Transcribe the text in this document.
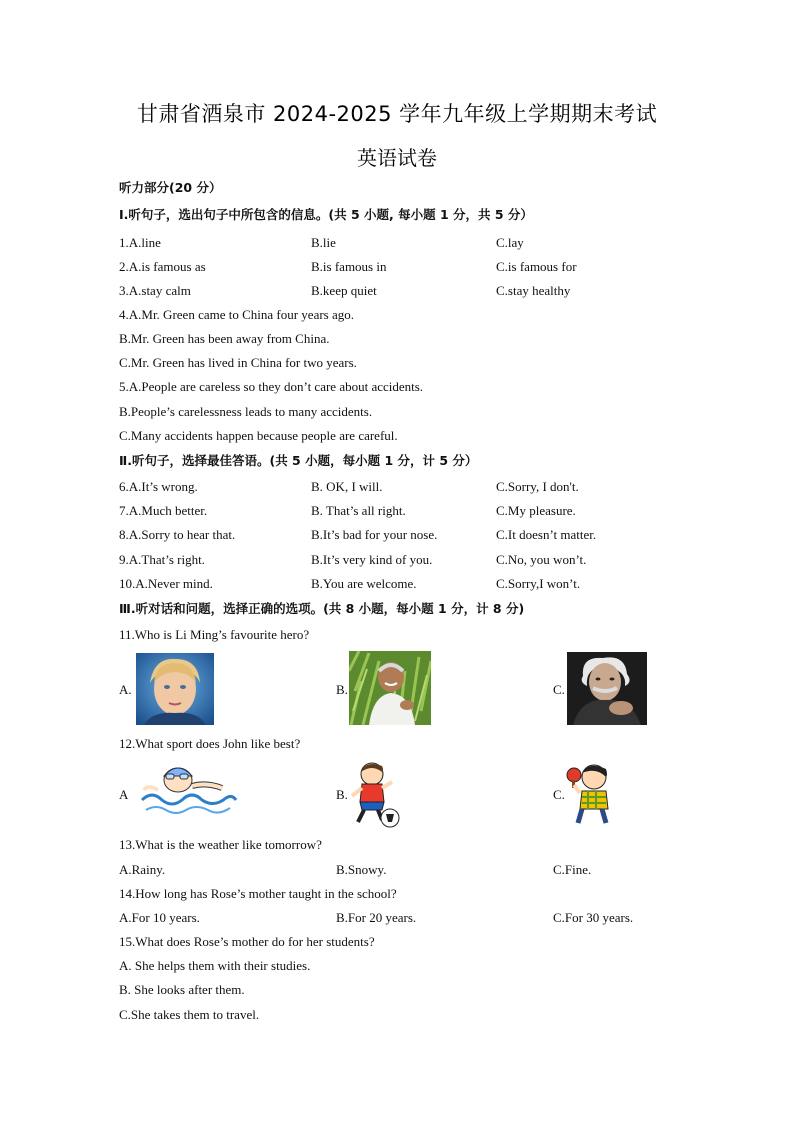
甘肃省酒泉市 2024-2025 学年九年级上学期期末考试
英语试卷
听力部分(20 分）
I.听句子，选出句子中所包含的信息。(共 5 小题, 每小题 1 分，共 5 分）
1.A.line	B.lie	C.lay
2.A.is famous as	B.is famous in	C.is famous for
3.A.stay calm	B.keep quiet	C.stay healthy
4.A.Mr. Green came to China four years ago.
B.Mr. Green has been away from China.
C.Mr. Green has lived in China for two years.
5.A.People are careless so they don’t care about accidents.
B.People’s carelessness leads to many accidents.
C.Many accidents happen because people are careful.
Ⅱ.听句子，选择最佳答语。(共 5 小题，每小题 1 分，计 5 分）
6.A.It’s wrong.	B. OK, I will.	C.Sorry, I don't.
7.A.Much better.	B. That’s all right.	C.My pleasure.
8.A.Sorry to hear that.	B.It’s bad for your nose.	C.It doesn’t matter.
9.A.That’s right.	B.It’s very kind of you.	C.No, you won’t.
10.A.Never mind.	B.You are welcome.	C.Sorry,I won’t.
Ⅲ.听对话和问题，选择正确的选项。(共 8 小题，每小题 1 分，计 8 分)
11.Who is Li Ming’s favourite hero?
A.	B.	C.
12.What sport does John like best?
A	B.	C.
13.What is the weather like tomorrow?
A.Rainy.	B.Snowy.	C.Fine.
14.How long has Rose’s mother taught in the school?
A.For 10 years.	B.For 20 years.	C.For 30 years.
15.What does Rose’s mother do for her students?
A. She helps them with their studies.
B. She looks after them.
C.She takes them to travel.
